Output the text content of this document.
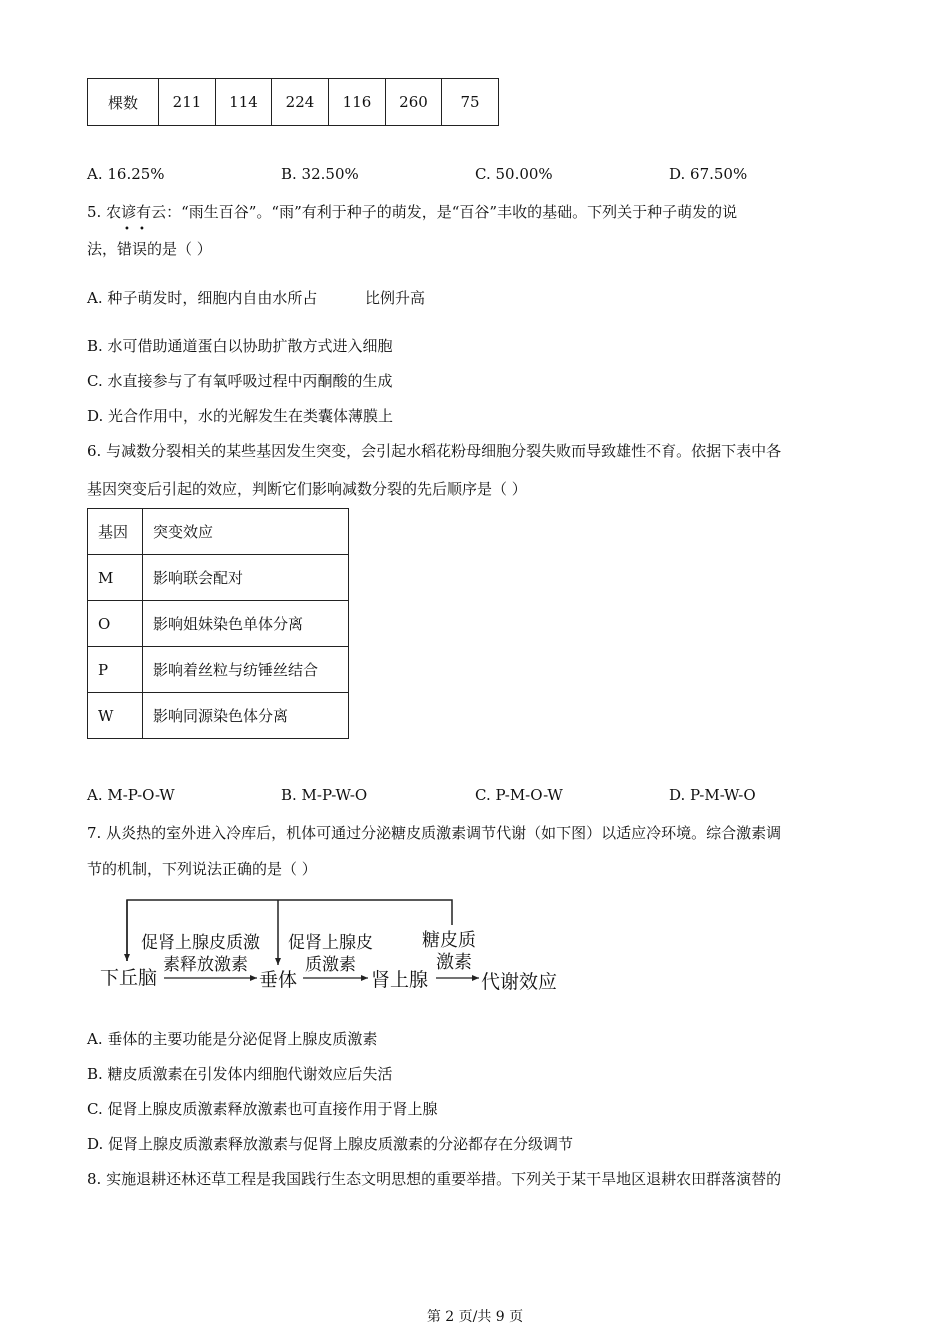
棵数	211	114	224	116	260	75
A. 16.25%	B. 32.50%	C. 50.00%	D. 67.50%
5. 农谚有云：“雨生百谷”。“雨”有利于种子的萌发，是“百谷”丰收的基础。下列关于种子萌发的说
法，
• •
错误的是（ ）
A. 种子萌发时，细胞内自由水所占          比例升高
B. 水可借助通道蛋白以协助扩散方式进入细胞
C. 水直接参与了有氧呼吸过程中丙酮酸的生成
D. 光合作用中，水的光解发生在类囊体薄膜上
6. 与减数分裂相关的某些基因发生突变，会引起水稻花粉母细胞分裂失败而导致雄性不育。依据下表中各
基因突变后引起的效应，判断它们影响减数分裂的先后顺序是（ ）
基因	突变效应
M	影响联会配对
O	影响姐妹染色单体分离
P	影响着丝粒与纺锤丝结合
W	影响同源染色体分离
A. M-P-O-W	B. M-P-W-O	C. P-M-O-W	D. P-M-W-O
7. 从炎热的室外进入冷库后，机体可通过分泌糖皮质激素调节代谢（如下图）以适应冷环境。综合激素调
节的机制，下列说法正确的是（ ）
下丘脑	垂体	肾上腺	代谢效应
促肾上腺皮质激
素释放激素
促肾上腺皮
质激素
糖皮质
激素
A. 垂体的主要功能是分泌促肾上腺皮质激素
B. 糖皮质激素在引发体内细胞代谢效应后失活
C. 促肾上腺皮质激素释放激素也可直接作用于肾上腺
D. 促肾上腺皮质激素释放激素与促肾上腺皮质激素的分泌都存在分级调节
8. 实施退耕还林还草工程是我国践行生态文明思想的重要举措。下列关于某干旱地区退耕农田群落演替的
第 2 页/共 9 页
